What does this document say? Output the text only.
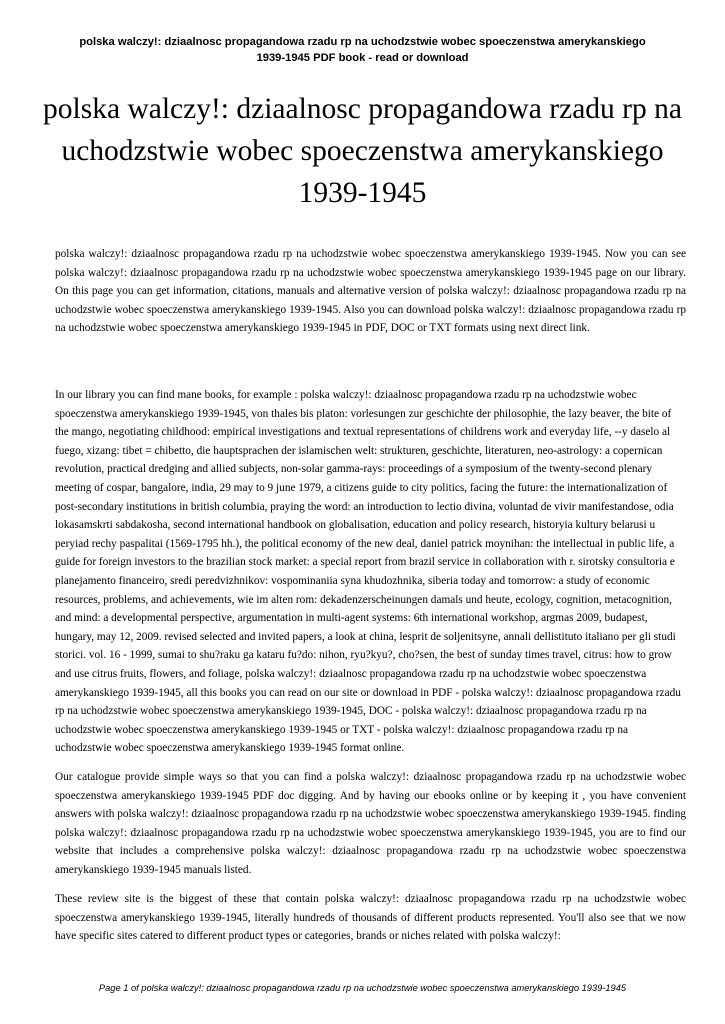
polska walczy!: dziaalnosc propagandowa rzadu rp na uchodzstwie wobec spoeczenstwa amerykanskiego
1939-1945 PDF book - read or download
polska walczy!: dziaalnosc propagandowa rzadu rp na
uchodzstwie wobec spoeczenstwa amerykanskiego
1939-1945

polska walczy!: dziaalnosc propagandowa rzadu rp na uchodzstwie wobec spoeczenstwa amerykanskiego 1939-1945. Now you can see polska walczy!: dziaalnosc propagandowa rzadu rp na uchodzstwie wobec spoeczenstwa amerykanskiego 1939-1945 page on our library. On this page you can get information, citations, manuals and alternative version of polska walczy!: dziaalnosc propagandowa rzadu rp na uchodzstwie wobec spoeczenstwa amerykanskiego 1939-1945. Also you can download polska walczy!: dziaalnosc propagandowa rzadu rp na uchodzstwie wobec spoeczenstwa amerykanskiego 1939-1945 in PDF, DOC or TXT formats using next direct link.

In our library you can find mane books, for example : polska walczy!: dziaalnosc propagandowa rzadu rp na uchodzstwie wobec spoeczenstwa amerykanskiego 1939-1945, von thales bis platon: vorlesungen zur geschichte der philosophie, the lazy beaver, the bite of the mango, negotiating childhood: empirical investigations and textual representations of childrens work and everyday life, --y daselo al fuego, xizang: tibet = chibetto, die hauptsprachen der islamischen welt: strukturen, geschichte, literaturen, neo-astrology: a copernican revolution, practical dredging and allied subjects, non-solar gamma-rays: proceedings of a symposium of the twenty-second plenary meeting of cospar, bangalore, india, 29 may to 9 june 1979, a citizens guide to city politics, facing the future: the internationalization of post-secondary institutions in british columbia, praying the word: an introduction to lectio divina, voluntad de vivir manifestandose, odia lokasamskrti sabdakosha, second international handbook on globalisation, education and policy research, historyia kultury belarusi u peryiad rechy paspalitai (1569-1795 hh.), the political economy of the new deal, daniel patrick moynihan: the intellectual in public life, a guide for foreign investors to the brazilian stock market: a special report from brazil service in collaboration with r. sirotsky consultoria e planejamento financeiro, sredi peredvizhnikov: vospominaniia syna khudozhnika, siberia today and tomorrow: a study of economic resources, problems, and achievements, wie im alten rom: dekadenzerscheinungen damals und heute, ecology, cognition, metacognition, and mind: a developmental perspective, argumentation in multi-agent systems: 6th international workshop, argmas 2009, budapest, hungary, may 12, 2009. revised selected and invited papers, a look at china, lesprit de soljenitsyne, annali dellistituto italiano per gli studi storici. vol. 16 - 1999, sumai to shu?raku ga kataru fu?do: nihon, ryu?kyu?, cho?sen, the best of sunday times travel, citrus: how to grow and use citrus fruits, flowers, and foliage, polska walczy!: dziaalnosc propagandowa rzadu rp na uchodzstwie wobec spoeczenstwa amerykanskiego 1939-1945, all this books you can read on our site or download in PDF - polska walczy!: dziaalnosc propagandowa rzadu rp na uchodzstwie wobec spoeczenstwa amerykanskiego 1939-1945, DOC - polska walczy!: dziaalnosc propagandowa rzadu rp na uchodzstwie wobec spoeczenstwa amerykanskiego 1939-1945 or TXT - polska walczy!: dziaalnosc propagandowa rzadu rp na uchodzstwie wobec spoeczenstwa amerykanskiego 1939-1945 format online.

Our catalogue provide simple ways so that you can find a polska walczy!: dziaalnosc propagandowa rzadu rp na uchodzstwie wobec spoeczenstwa amerykanskiego 1939-1945 PDF doc digging. And by having our ebooks online or by keeping it , you have convenient answers with polska walczy!: dziaalnosc propagandowa rzadu rp na uchodzstwie wobec spoeczenstwa amerykanskiego 1939-1945. finding polska walczy!: dziaalnosc propagandowa rzadu rp na uchodzstwie wobec spoeczenstwa amerykanskiego 1939-1945, you are to find our website that includes a comprehensive polska walczy!: dziaalnosc propagandowa rzadu rp na uchodzstwie wobec spoeczenstwa amerykanskiego 1939-1945 manuals listed.

These review site is the biggest of these that contain polska walczy!: dziaalnosc propagandowa rzadu rp na uchodzstwie wobec spoeczenstwa amerykanskiego 1939-1945, literally hundreds of thousands of different products represented. You'll also see that we now have specific sites catered to different product types or categories, brands or niches related with polska walczy!:

Page 1 of polska walczy!: dziaalnosc propagandowa rzadu rp na uchodzstwie wobec spoeczenstwa amerykanskiego 1939-1945
